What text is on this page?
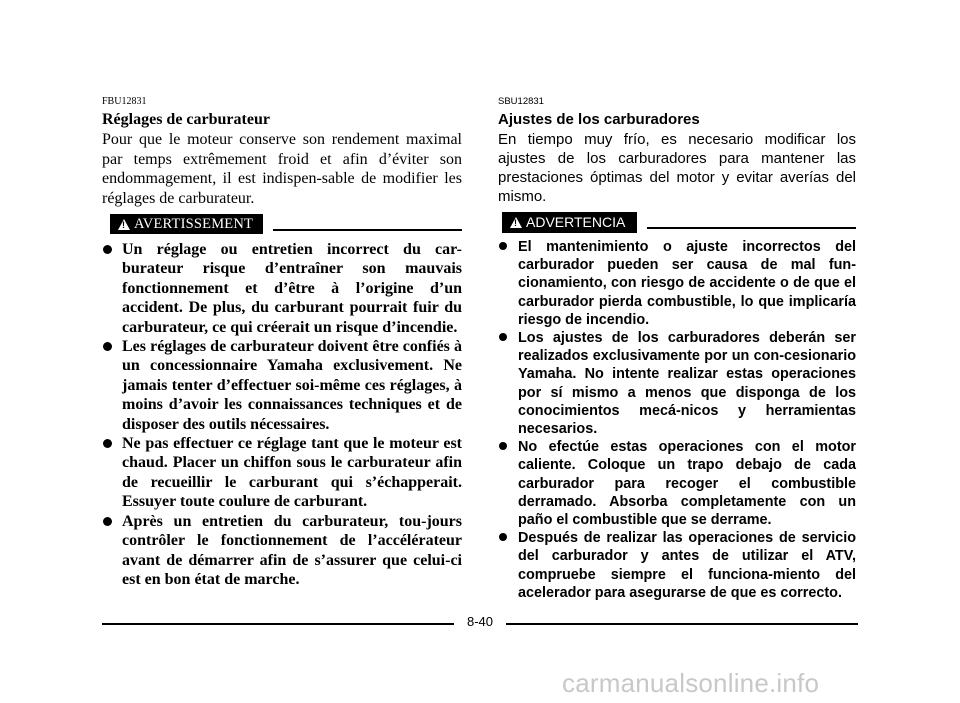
FBU12831
Réglages de carburateur
Pour que le moteur conserve son rendement maximal par temps extrêmement froid et afin d’éviter son endommagement, il est indispen-sable de modifier les réglages de carburateur.
!
AVERTISSEMENT
Un réglage ou entretien incorrect du car-burateur risque d’entraîner son mauvais fonctionnement et d’être à l’origine d’un accident. De plus, du carburant pourrait fuir du carburateur, ce qui créerait un risque d’incendie.
Les réglages de carburateur doivent être confiés à un concessionnaire Yamaha exclusivement. Ne jamais tenter d’effectuer soi-même ces réglages, à moins d’avoir les connaissances techniques et de disposer des outils nécessaires.
Ne pas effectuer ce réglage tant que le moteur est chaud. Placer un chiffon sous le carburateur afin de recueillir le carburant qui s’échapperait. Essuyer toute coulure de carburant.
Après un entretien du carburateur, tou-jours contrôler le fonctionnement de l’accélérateur avant de démarrer afin de s’assurer que celui-ci est en bon état de marche.
SBU12831
Ajustes de los carburadores
En tiempo muy frío, es necesario modificar los ajustes de los carburadores para mantener las prestaciones óptimas del motor y evitar averías del mismo.
!
ADVERTENCIA
El mantenimiento o ajuste incorrectos del carburador pueden ser causa de mal fun-cionamiento, con riesgo de accidente o de que el carburador pierda combustible, lo que implicaría riesgo de incendio.
Los ajustes de los carburadores deberán ser realizados exclusivamente por un con-cesionario Yamaha. No intente realizar estas operaciones por sí mismo a menos que disponga de los conocimientos mecá-nicos y herramientas necesarios.
No efectúe estas operaciones con el motor caliente. Coloque un trapo debajo de cada carburador para recoger el combustible derramado. Absorba completamente con un paño el combustible que se derrame.
Después de realizar las operaciones de servicio del carburador y antes de utilizar el ATV, compruebe siempre el funciona-miento del acelerador para asegurarse de que es correcto.
8-40
carmanualsonline.info
